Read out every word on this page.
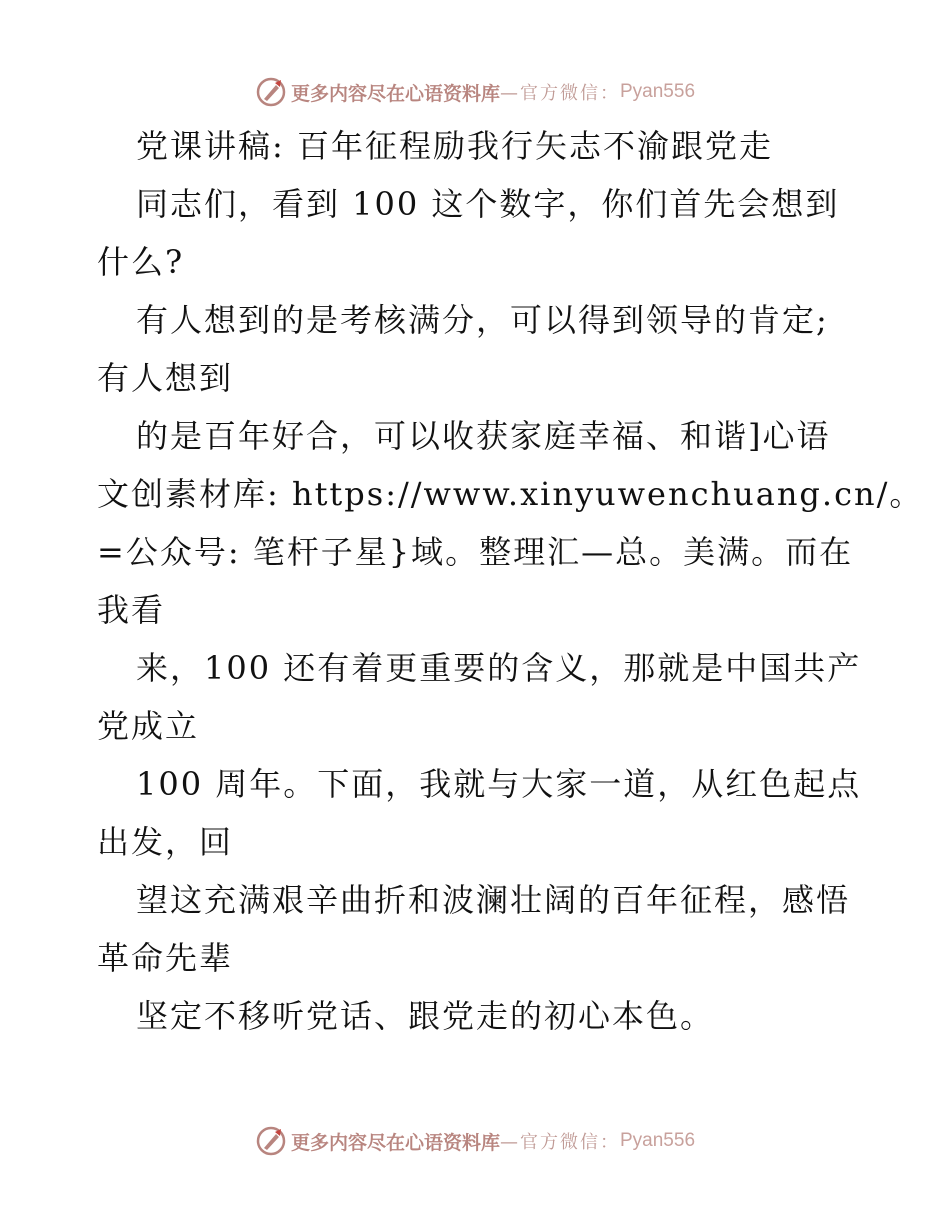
更多内容尽在心语资料库 —官方微信： Pyan556
党课讲稿: 百年征程励我行矢志不渝跟党走
同志们，看到 100 这个数字，你们首先会想到
什么?
有人想到的是考核满分，可以得到领导的肯定;
有人想到
的是百年好合，可以收获家庭幸福、和谐]心语
文创素材库: https://www.xinyuwenchuang.cn/。
=公众号: 笔杆子星}域。整理汇—总。美满。而在
我看
来，100 还有着更重要的含义，那就是中国共产
党成立
100 周年。下面，我就与大家一道，从红色起点
出发，回
望这充满艰辛曲折和波澜壮阔的百年征程，感悟
革命先辈
坚定不移听党话、跟党走的初心本色。
更多内容尽在心语资料库 —官方微信： Pyan556
